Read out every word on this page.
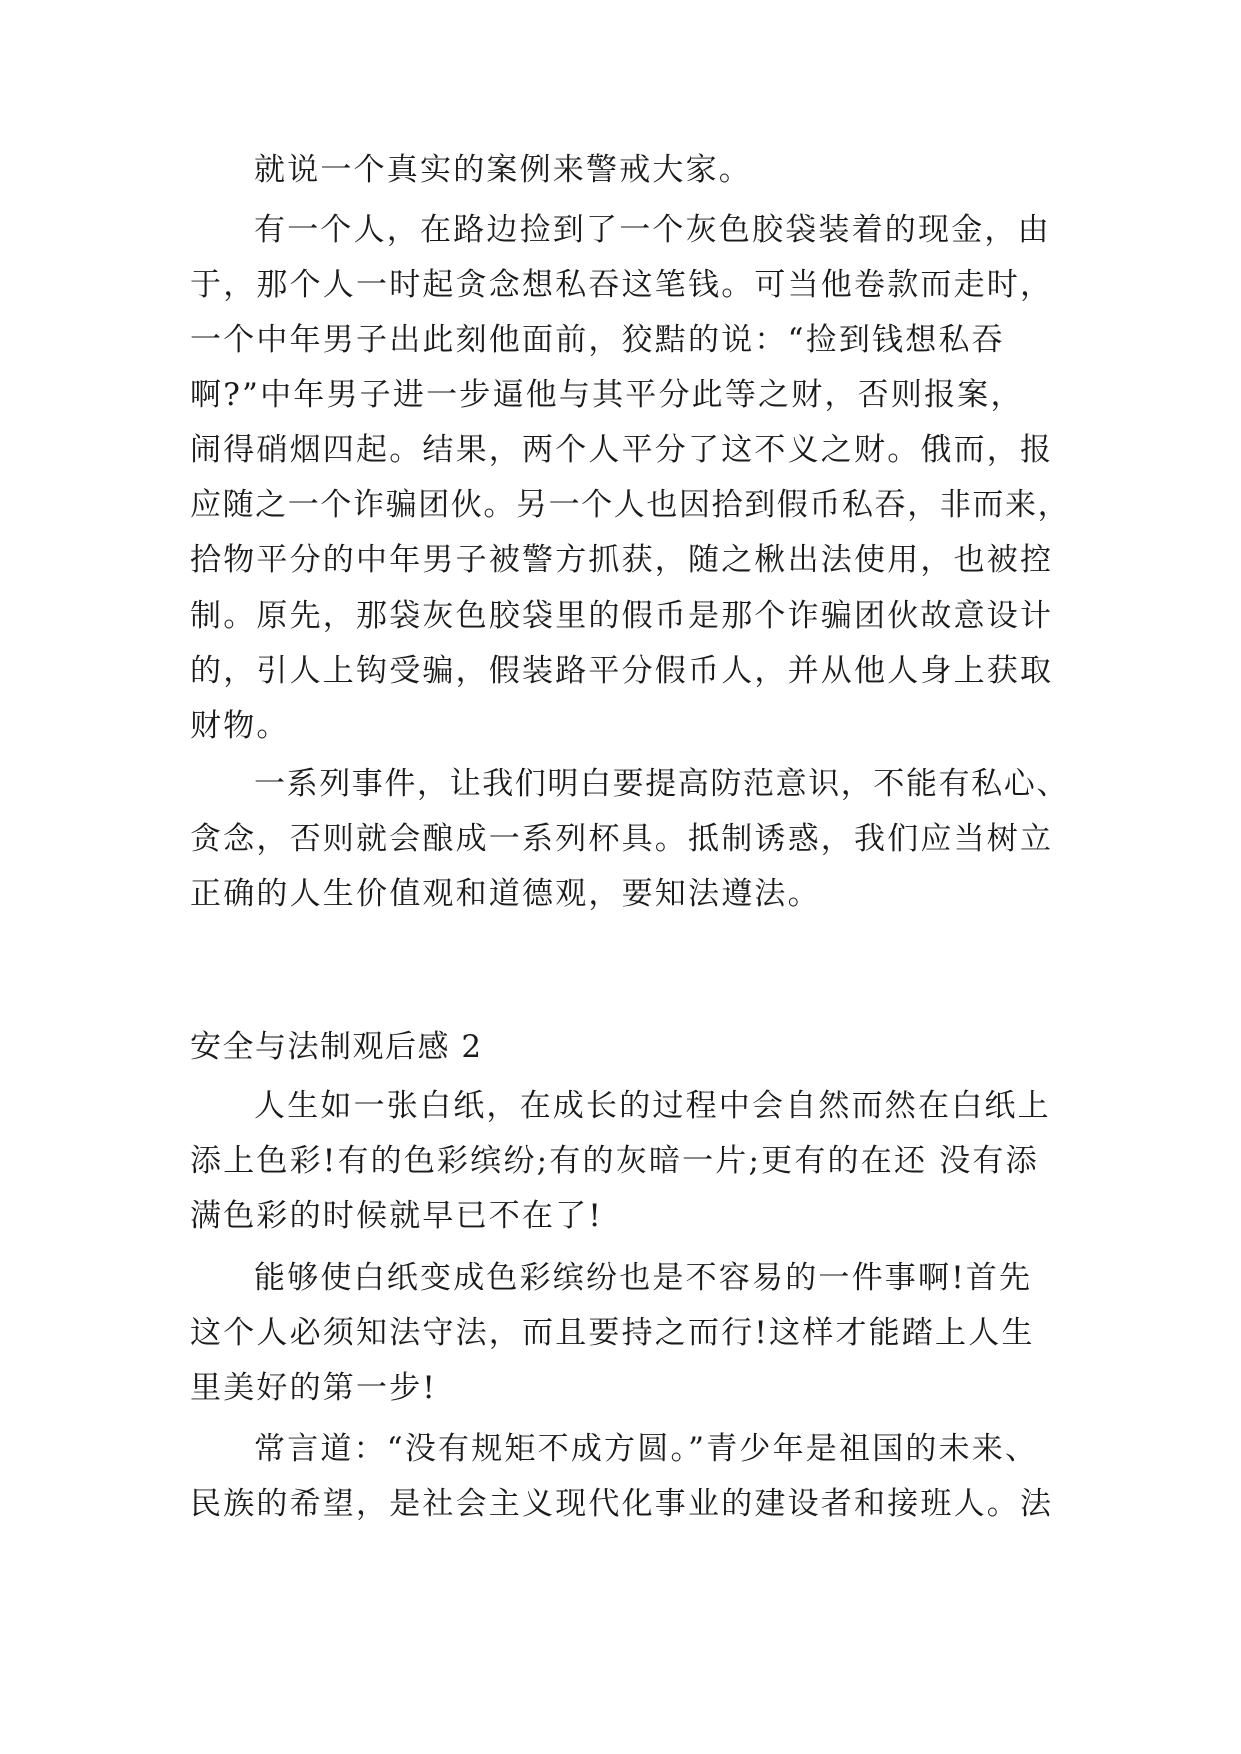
就说一个真实的案例来警戒大家。
有一个人，在路边捡到了一个灰色胶袋装着的现金，由
于，那个人一时起贪念想私吞这笔钱。可当他卷款而走时，
一个中年男子出此刻他面前，狡黠的说：“捡到钱想私吞
啊?”中年男子进一步逼他与其平分此等之财，否则报案，
闹得硝烟四起。结果，两个人平分了这不义之财。俄而，报
应随之一个诈骗团伙。另一个人也因拾到假币私吞，非而来，
拾物平分的中年男子被警方抓获，随之楸出法使用，也被控
制。原先，那袋灰色胶袋里的假币是那个诈骗团伙故意设计
的，引人上钩受骗，假装路平分假币人，并从他人身上获取
财物。
一系列事件，让我们明白要提高防范意识，不能有私心、
贪念，否则就会酿成一系列杯具。抵制诱惑，我们应当树立
正确的人生价值观和道德观，要知法遵法。
安全与法制观后感 2
人生如一张白纸，在成长的过程中会自然而然在白纸上
添上色彩!有的色彩缤纷;有的灰暗一片;更有的在还 没有添
满色彩的时候就早已不在了!
能够使白纸变成色彩缤纷也是不容易的一件事啊!首先
这个人必须知法守法，而且要持之而行!这样才能踏上人生
里美好的第一步!
常言道：“没有规矩不成方圆。”青少年是祖国的未来、
民族的希望，是社会主义现代化事业的建设者和接班人。法
